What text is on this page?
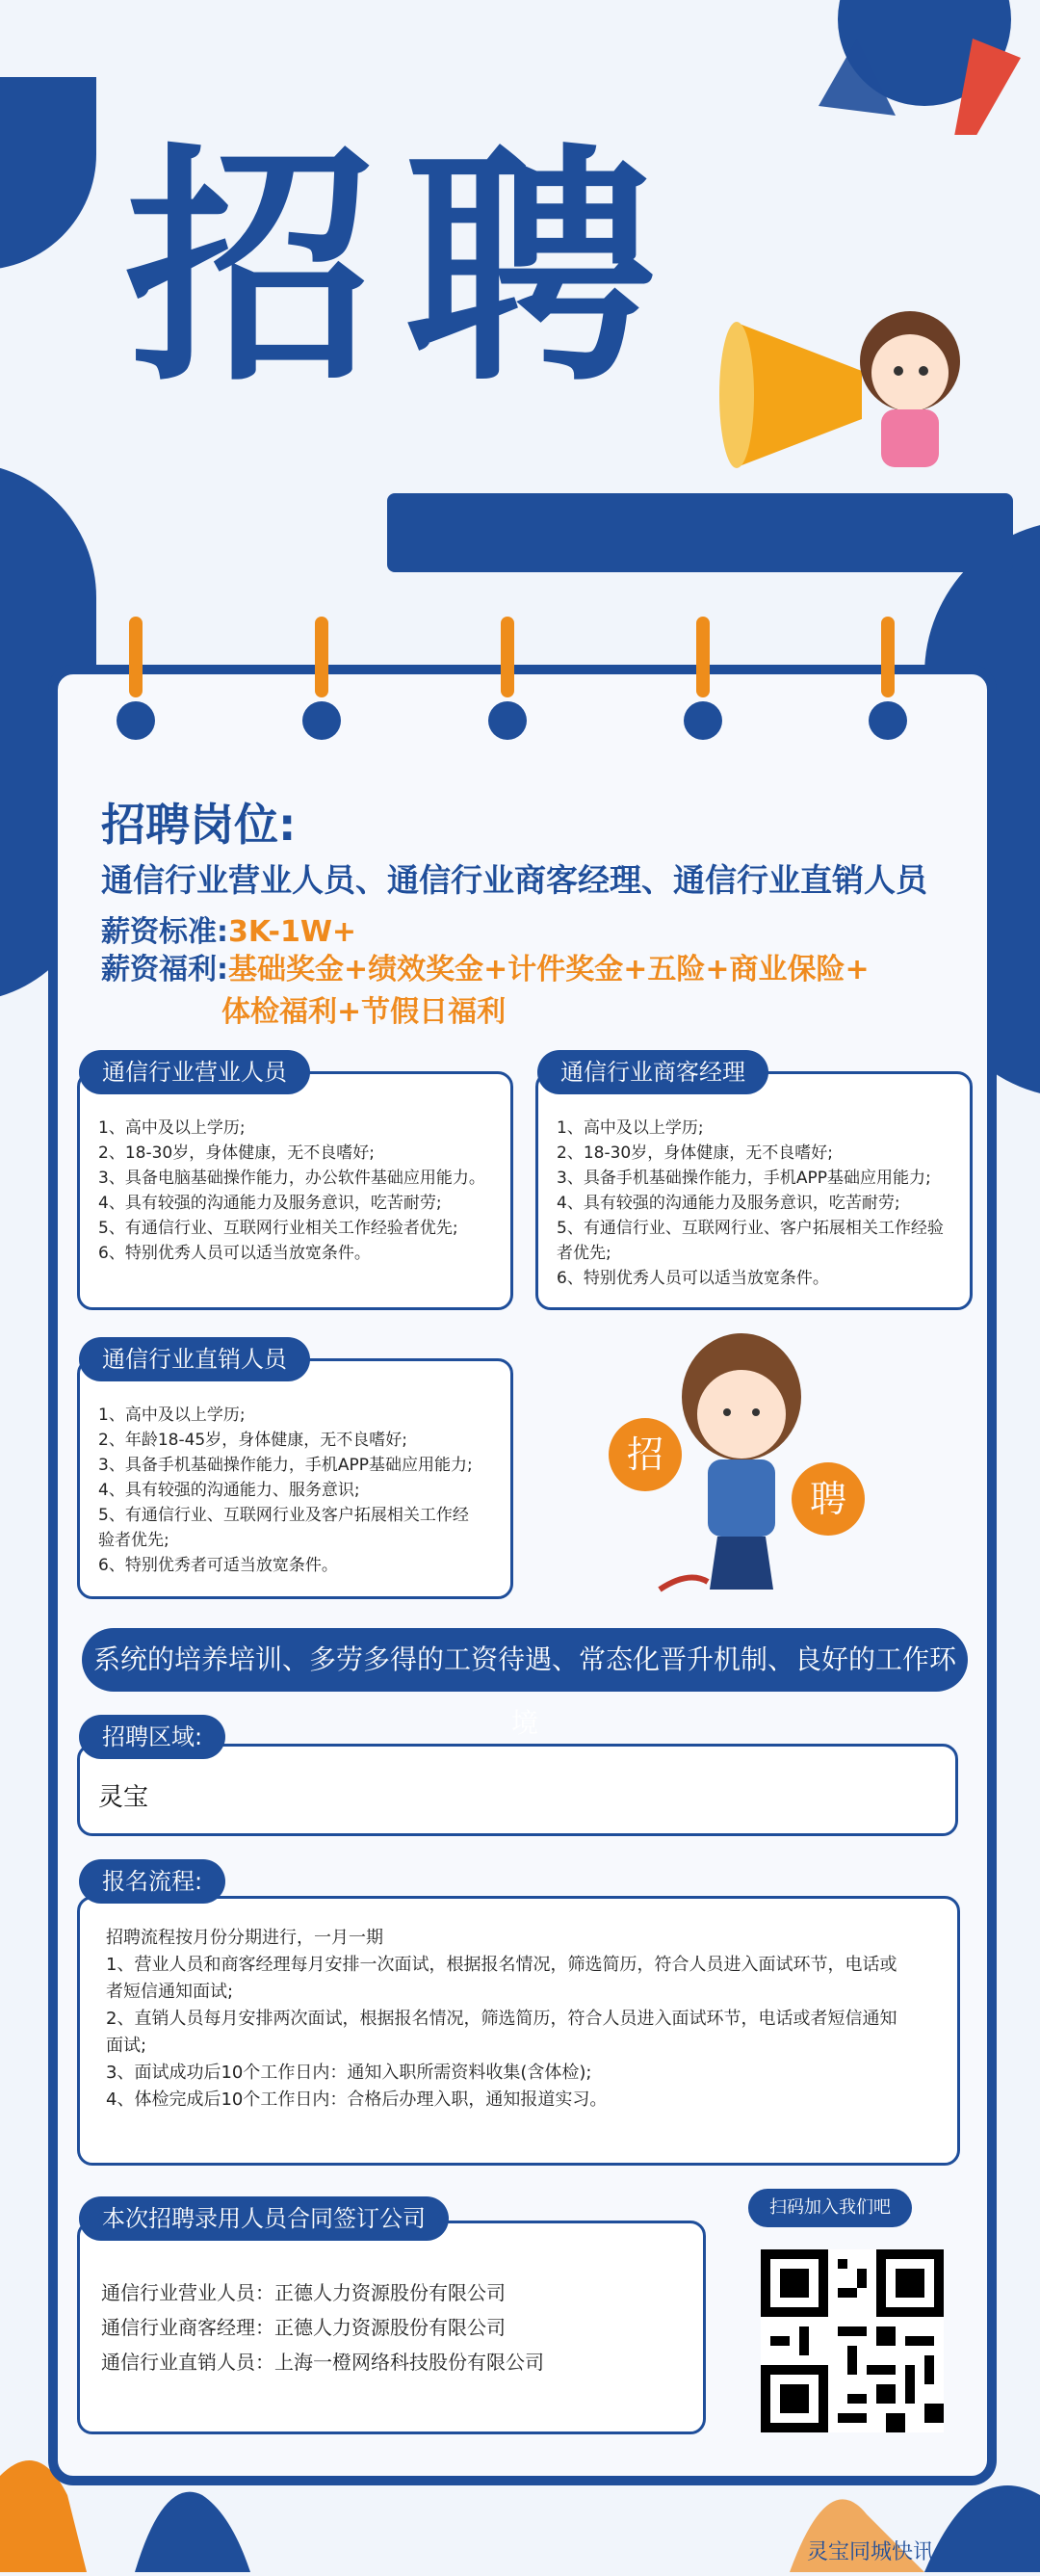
招聘
招聘岗位:
通信行业营业人员、通信行业商客经理、通信行业直销人员
薪资标准:3K-1W+
薪资福利:基础奖金+绩效奖金+计件奖金+五险+商业保险+
体检福利+节假日福利
通信行业营业人员
1、高中及以上学历;
2、18-30岁，身体健康，无不良嗜好;
3、具备电脑基础操作能力，办公软件基础应用能力。
4、具有较强的沟通能力及服务意识，吃苦耐劳;
5、有通信行业、互联网行业相关工作经验者优先;
6、特别优秀人员可以适当放宽条件。
通信行业商客经理
1、高中及以上学历;
2、18-30岁，身体健康，无不良嗜好;
3、具备手机基础操作能力，手机APP基础应用能力;
4、具有较强的沟通能力及服务意识，吃苦耐劳;
5、有通信行业、互联网行业、客户拓展相关工作经验
者优先;
6、特别优秀人员可以适当放宽条件。
通信行业直销人员
1、高中及以上学历;
2、年龄18-45岁，身体健康，无不良嗜好;
3、具备手机基础操作能力，手机APP基础应用能力;
4、具有较强的沟通能力、服务意识;
5、有通信行业、互联网行业及客户拓展相关工作经
验者优先;
6、特别优秀者可适当放宽条件。
招
聘
系统的培养培训、多劳多得的工资待遇、常态化晋升机制、良好的工作环境
招聘区域:
灵宝
报名流程:
招聘流程按月份分期进行，一月一期
1、营业人员和商客经理每月安排一次面试，根据报名情况，筛选简历，符合人员进入面试环节，电话或
者短信通知面试;
2、直销人员每月安排两次面试，根据报名情况，筛选简历，符合人员进入面试环节，电话或者短信通知
面试;
3、面试成功后10个工作日内：通知入职所需资料收集(含体检);
4、体检完成后10个工作日内：合格后办理入职，通知报道实习。
本次招聘录用人员合同签订公司
通信行业营业人员：正德人力资源股份有限公司
通信行业商客经理：正德人力资源股份有限公司
通信行业直销人员：上海一橙网络科技股份有限公司
扫码加入我们吧
灵宝同城快讯
